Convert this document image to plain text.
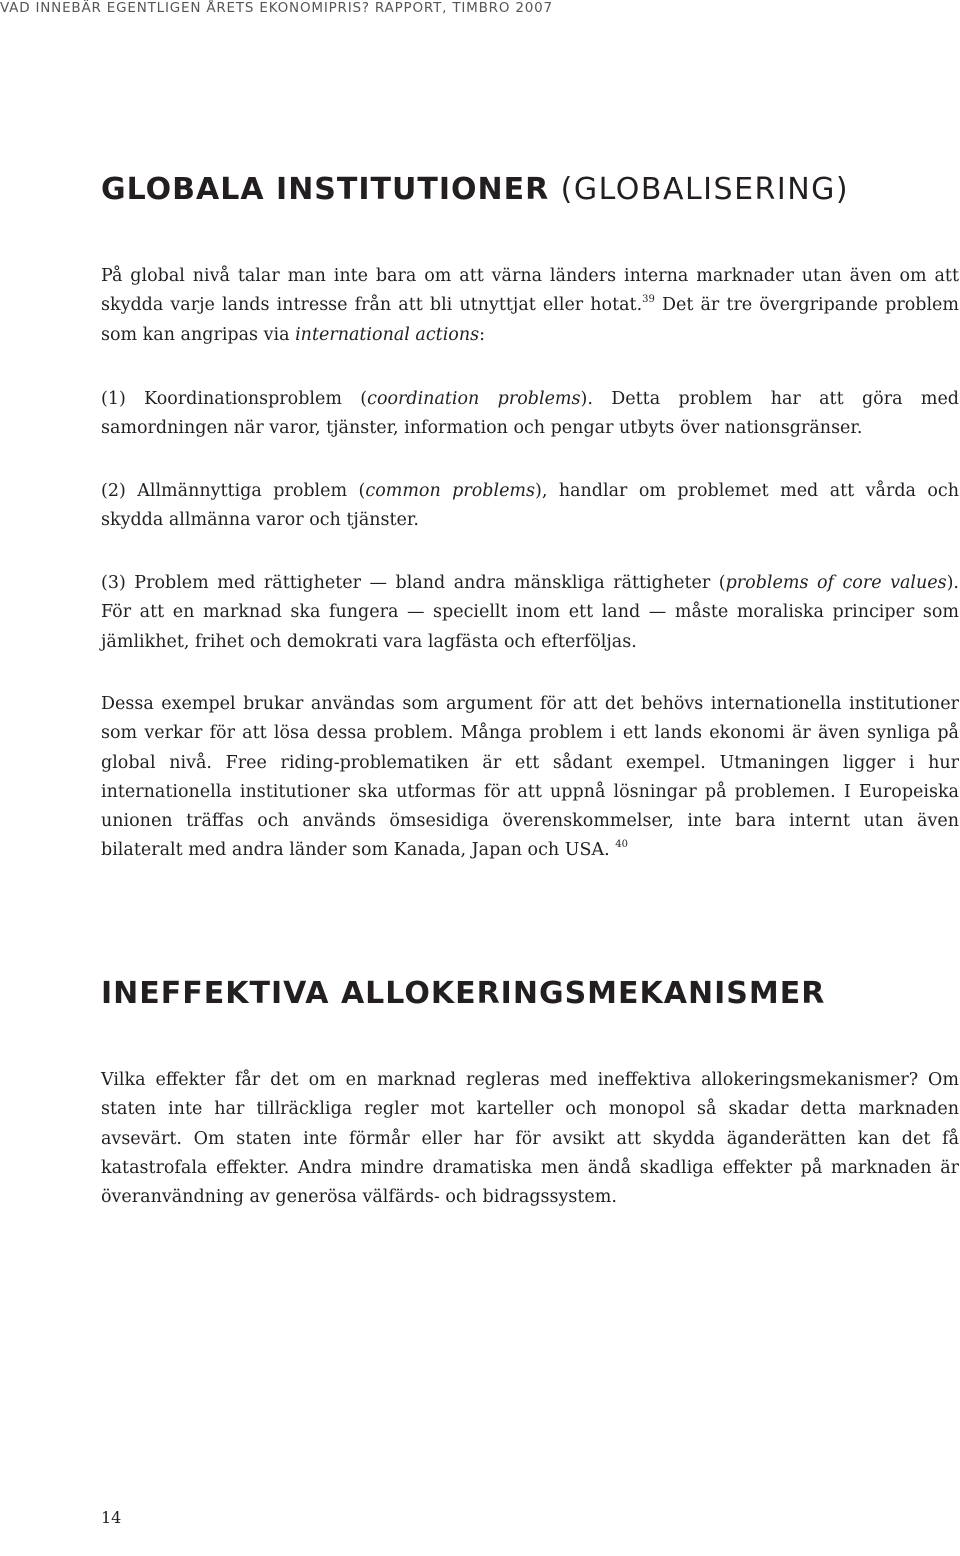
VAD INNEBÄR EGENTLIGEN ÅRETS EKONOMIPRIS? RAPPORT, TIMBRO 2007
GLOBALA INSTITUTIONER (GLOBALISERING)

På global nivå talar man inte bara om att värna länders interna marknader utan även om att skydda varje lands intresse från att bli utnyttjat eller hotat.$^{39}$ Det är tre övergripande problem som kan angripas via international actions:

(1) Koordinationsproblem (coordination problems). Detta problem har att göra med samordningen när varor, tjänster, information och pengar utbyts över nationsgränser.

(2) Allmännyttiga problem (common problems), handlar om problemet med att vårda och skydda allmänna varor och tjänster.

(3) Problem med rättigheter — bland andra mänskliga rättigheter (problems of core values). För att en marknad ska fungera — speciellt inom ett land — måste moraliska principer som jämlikhet, frihet och demokrati vara lagfästa och efterföljas.

Dessa exempel brukar användas som argument för att det behövs internationella institutioner som verkar för att lösa dessa problem. Många problem i ett lands ekonomi är även synliga på global nivå. Free riding-problematiken är ett sådant exempel. Utmaningen ligger i hur internationella institutioner ska utformas för att uppnå lösningar på problemen. I Europeiska unionen träffas och används ömsesidiga överenskommelser, inte bara internt utan även bilateralt med andra länder som Kanada, Japan och USA. $^{40}$

INEFFEKTIVA ALLOKERINGSMEKANISMER

Vilka effekter får det om en marknad regleras med ineffektiva allokeringsmekanismer? Om staten inte har tillräckliga regler mot karteller och monopol så skadar detta marknaden avsevärt. Om staten inte förmår eller har för avsikt att skydda äganderätten kan det få katastrofala effekter. Andra mindre dramatiska men ändå skadliga effekter på marknaden är överanvändning av generösa välfärds- och bidragssystem.

14
